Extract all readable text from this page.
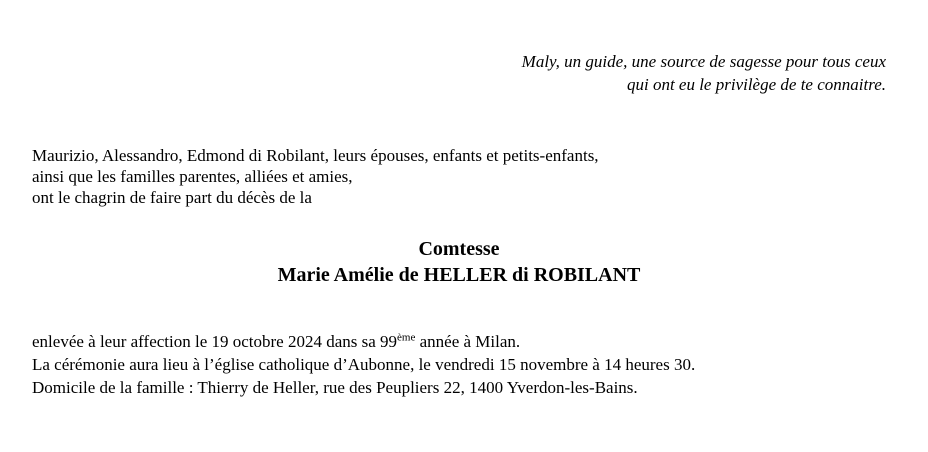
Maly, un guide, une source de sagesse pour tous ceux
qui ont eu le privilège de te connaitre.
Maurizio, Alessandro, Edmond di Robilant, leurs épouses, enfants et petits-enfants,
ainsi que les familles parentes, alliées et amies,
ont le chagrin de faire part du décès de la
Comtesse
Marie Amélie de HELLER di ROBILANT
enlevée à leur affection le 19 octobre 2024 dans sa 99ème année à Milan.
La cérémonie aura lieu à l’église catholique d’Aubonne, le vendredi 15 novembre à 14 heures 30.
Domicile de la famille : Thierry de Heller, rue des Peupliers 22, 1400 Yverdon-les-Bains.
